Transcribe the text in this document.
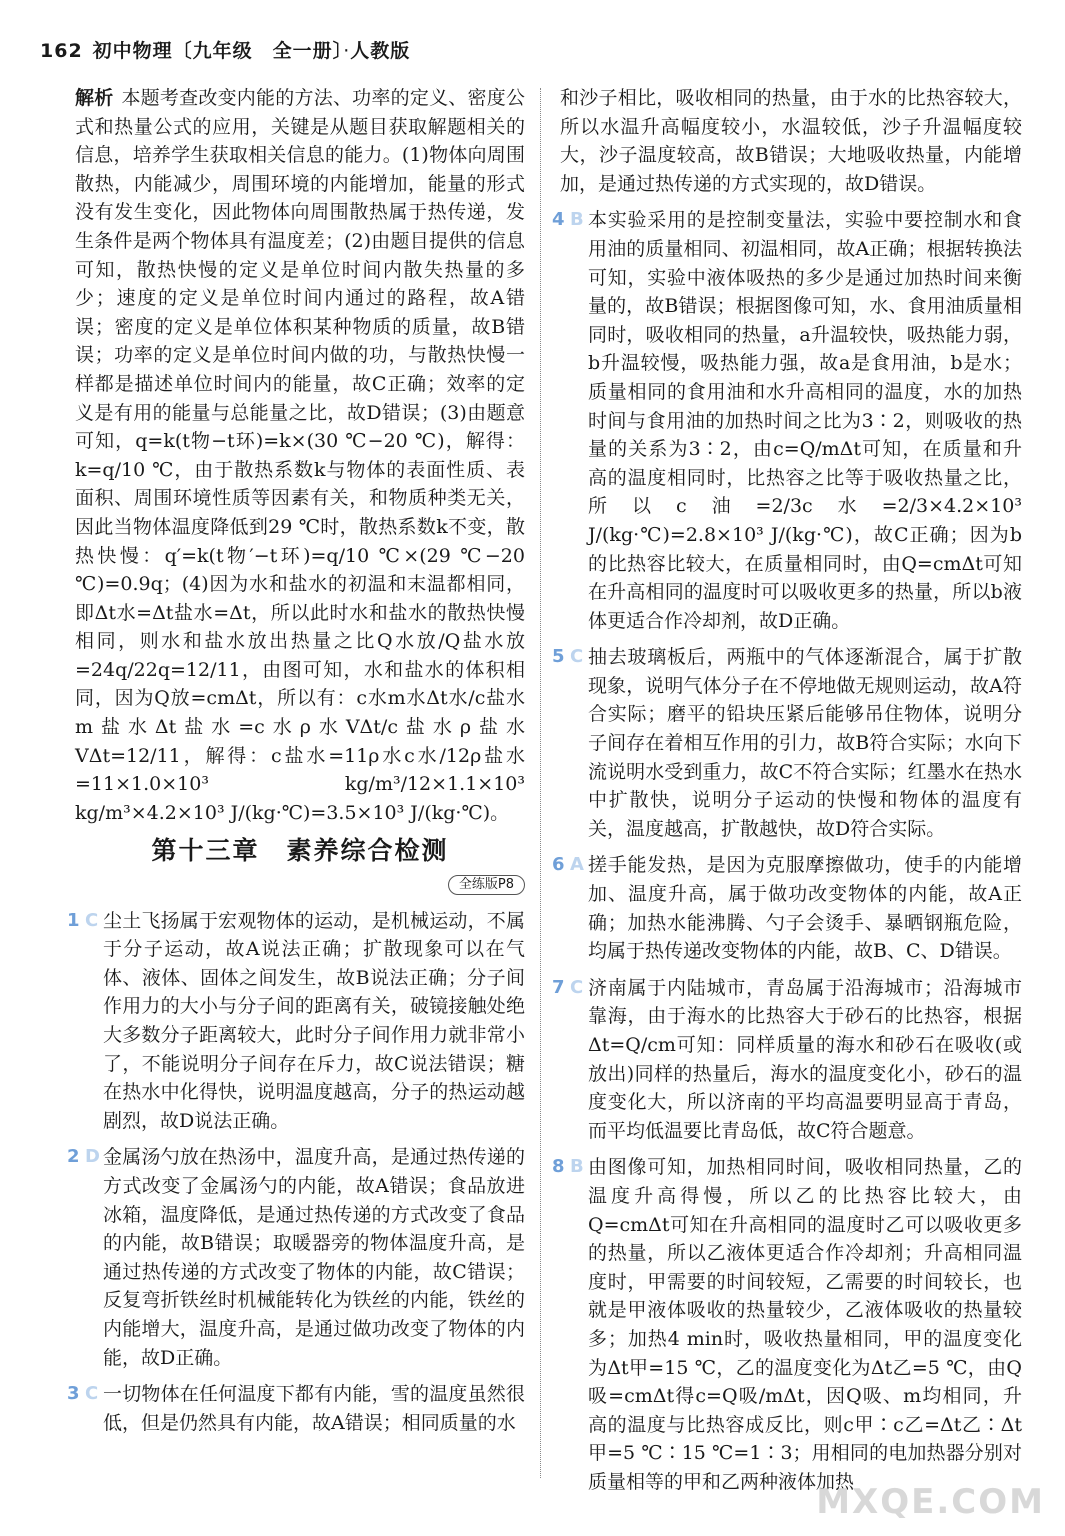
162 初中物理〔九年级　全一册〕·人教版
解析 本题考查改变内能的方法、功率的定义、密度公式和热量公式的应用，关键是从题目获取解题相关的信息，培养学生获取相关信息的能力。(1)物体向周围散热，内能减少，周围环境的内能增加，能量的形式没有发生变化，因此物体向周围散热属于热传递，发生条件是两个物体具有温度差；(2)由题目提供的信息可知，散热快慢的定义是单位时间内散失热量的多少；速度的定义是单位时间内通过的路程，故A错误；密度的定义是单位体积某种物质的质量，故B错误；功率的定义是单位时间内做的功，与散热快慢一样都是描述单位时间内的能量，故C正确；效率的定义是有用的能量与总能量之比，故D错误；(3)由题意可知，q=k(t物−t环)=k×(30 ℃−20 ℃)，解得：k=q/10 ℃，由于散热系数k与物体的表面性质、表面积、周围环境性质等因素有关，和物质种类无关，因此当物体温度降低到29 ℃时，散热系数k不变，散热快慢：q′=k(t物′−t环)=q/10 ℃×(29 ℃−20 ℃)=0.9q；(4)因为水和盐水的初温和末温都相同，即Δt水=Δt盐水=Δt，所以此时水和盐水的散热快慢相同，则水和盐水放出热量之比Q水放/Q盐水放=24q/22q=12/11，由图可知，水和盐水的体积相同，因为Q放=cmΔt，所以有：c水m水Δt水/c盐水m盐水Δt盐水=c水ρ水VΔt/c盐水ρ盐水VΔt=12/11，解得：c盐水=11ρ水c水/12ρ盐水=11×1.0×10³ kg/m³/12×1.1×10³ kg/m³×4.2×10³ J/(kg·℃)=3.5×10³ J/(kg·℃)。
第十三章　素养综合检测
全练版P8
1 C 尘土飞扬属于宏观物体的运动，是机械运动，不属于分子运动，故A说法正确；扩散现象可以在气体、液体、固体之间发生，故B说法正确；分子间作用力的大小与分子间的距离有关，破镜接触处绝大多数分子距离较大，此时分子间作用力就非常小了，不能说明分子间存在斥力，故C说法错误；糖在热水中化得快，说明温度越高，分子的热运动越剧烈，故D说法正确。
2 D 金属汤勺放在热汤中，温度升高，是通过热传递的方式改变了金属汤勺的内能，故A错误；食品放进冰箱，温度降低，是通过热传递的方式改变了食品的内能，故B错误；取暖器旁的物体温度升高，是通过热传递的方式改变了物体的内能，故C错误；反复弯折铁丝时机械能转化为铁丝的内能，铁丝的内能增大，温度升高，是通过做功改变了物体的内能，故D正确。
3 C 一切物体在任何温度下都有内能，雪的温度虽然很低，但是仍然具有内能，故A错误；相同质量的水
和沙子相比，吸收相同的热量，由于水的比热容较大，所以水温升高幅度较小，水温较低，沙子升温幅度较大，沙子温度较高，故B错误；大地吸收热量，内能增加，是通过热传递的方式实现的，故D错误。
4 B 本实验采用的是控制变量法，实验中要控制水和食用油的质量相同、初温相同，故A正确；根据转换法可知，实验中液体吸热的多少是通过加热时间来衡量的，故B错误；根据图像可知，水、食用油质量相同时，吸收相同的热量，a升温较快，吸热能力弱，b升温较慢，吸热能力强，故a是食用油，b是水；质量相同的食用油和水升高相同的温度，水的加热时间与食用油的加热时间之比为3∶2，则吸收的热量的关系为3∶2，由c=Q/mΔt可知，在质量和升高的温度相同时，比热容之比等于吸收热量之比，所以c油=2/3c水=2/3×4.2×10³ J/(kg·℃)=2.8×10³ J/(kg·℃)，故C正确；因为b的比热容比较大，在质量相同时，由Q=cmΔt可知在升高相同的温度时可以吸收更多的热量，所以b液体更适合作冷却剂，故D正确。
5 C 抽去玻璃板后，两瓶中的气体逐渐混合，属于扩散现象，说明气体分子在不停地做无规则运动，故A符合实际；磨平的铅块压紧后能够吊住物体，说明分子间存在着相互作用的引力，故B符合实际；水向下流说明水受到重力，故C不符合实际；红墨水在热水中扩散快，说明分子运动的快慢和物体的温度有关，温度越高，扩散越快，故D符合实际。
6 A 搓手能发热，是因为克服摩擦做功，使手的内能增加、温度升高，属于做功改变物体的内能，故A正确；加热水能沸腾、勺子会烫手、暴晒钢瓶危险，均属于热传递改变物体的内能，故B、C、D错误。
7 C 济南属于内陆城市，青岛属于沿海城市；沿海城市靠海，由于海水的比热容大于砂石的比热容，根据Δt=Q/cm可知：同样质量的海水和砂石在吸收(或放出)同样的热量后，海水的温度变化小，砂石的温度变化大，所以济南的平均高温要明显高于青岛，而平均低温要比青岛低，故C符合题意。
8 B 由图像可知，加热相同时间，吸收相同热量，乙的温度升高得慢，所以乙的比热容比较大，由Q=cmΔt可知在升高相同的温度时乙可以吸收更多的热量，所以乙液体更适合作冷却剂；升高相同温度时，甲需要的时间较短，乙需要的时间较长，也就是甲液体吸收的热量较少，乙液体吸收的热量较多；加热4 min时，吸收热量相同，甲的温度变化为Δt甲=15 ℃，乙的温度变化为Δt乙=5 ℃，由Q吸=cmΔt得c=Q吸/mΔt，因Q吸、m均相同，升高的温度与比热容成反比，则c甲∶c乙=Δt乙∶Δt甲=5 ℃∶15 ℃=1∶3；用相同的电加热器分别对质量相等的甲和乙两种液体加热
MXQE.COM
